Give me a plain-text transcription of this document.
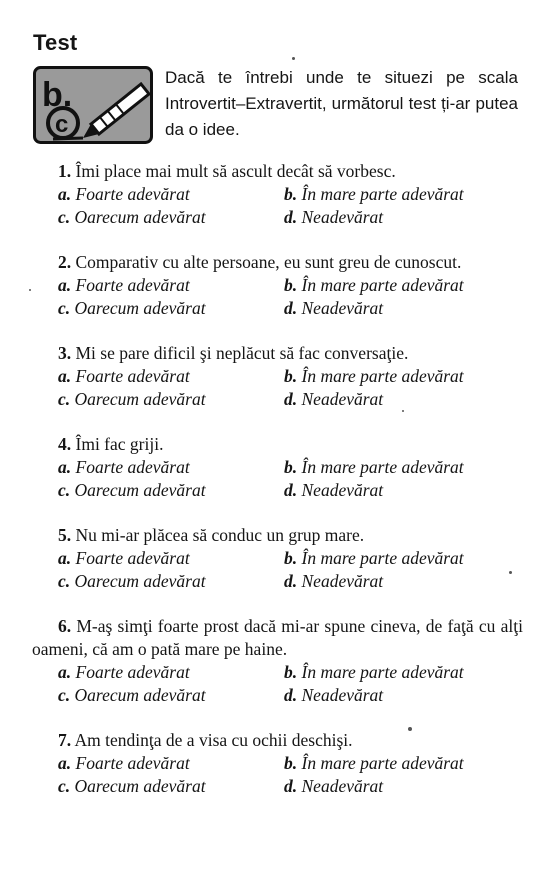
Test
b.
c
Dacă te întrebi unde te situezi pe scala Introvertit–Extravertit, următorul test ți-ar putea da o idee.

1. Îmi place mai mult să ascult decât să vorbesc.

a. Foarte adevărat	b. În mare parte adevărat
c. Oarecum adevărat	d. Neadevărat

2. Comparativ cu alte persoane, eu sunt greu de cunoscut.

a. Foarte adevărat	b. În mare parte adevărat
c. Oarecum adevărat	d. Neadevărat

3. Mi se pare dificil şi neplăcut să fac conversaţie.

a. Foarte adevărat	b. În mare parte adevărat
c. Oarecum adevărat	d. Neadevărat

4. Îmi fac griji.

a. Foarte adevărat	b. În mare parte adevărat
c. Oarecum adevărat	d. Neadevărat

5. Nu mi-ar plăcea să conduc un grup mare.

a. Foarte adevărat	b. În mare parte adevărat
c. Oarecum adevărat	d. Neadevărat

6. M-aş simţi foarte prost dacă mi-ar spune cineva, de faţă cu alţi oameni, că am o pată mare pe haine.

a. Foarte adevărat	b. În mare parte adevărat
c. Oarecum adevărat	d. Neadevărat

7. Am tendinţa de a visa cu ochii deschişi.

a. Foarte adevărat	b. În mare parte adevărat
c. Oarecum adevărat	d. Neadevărat
